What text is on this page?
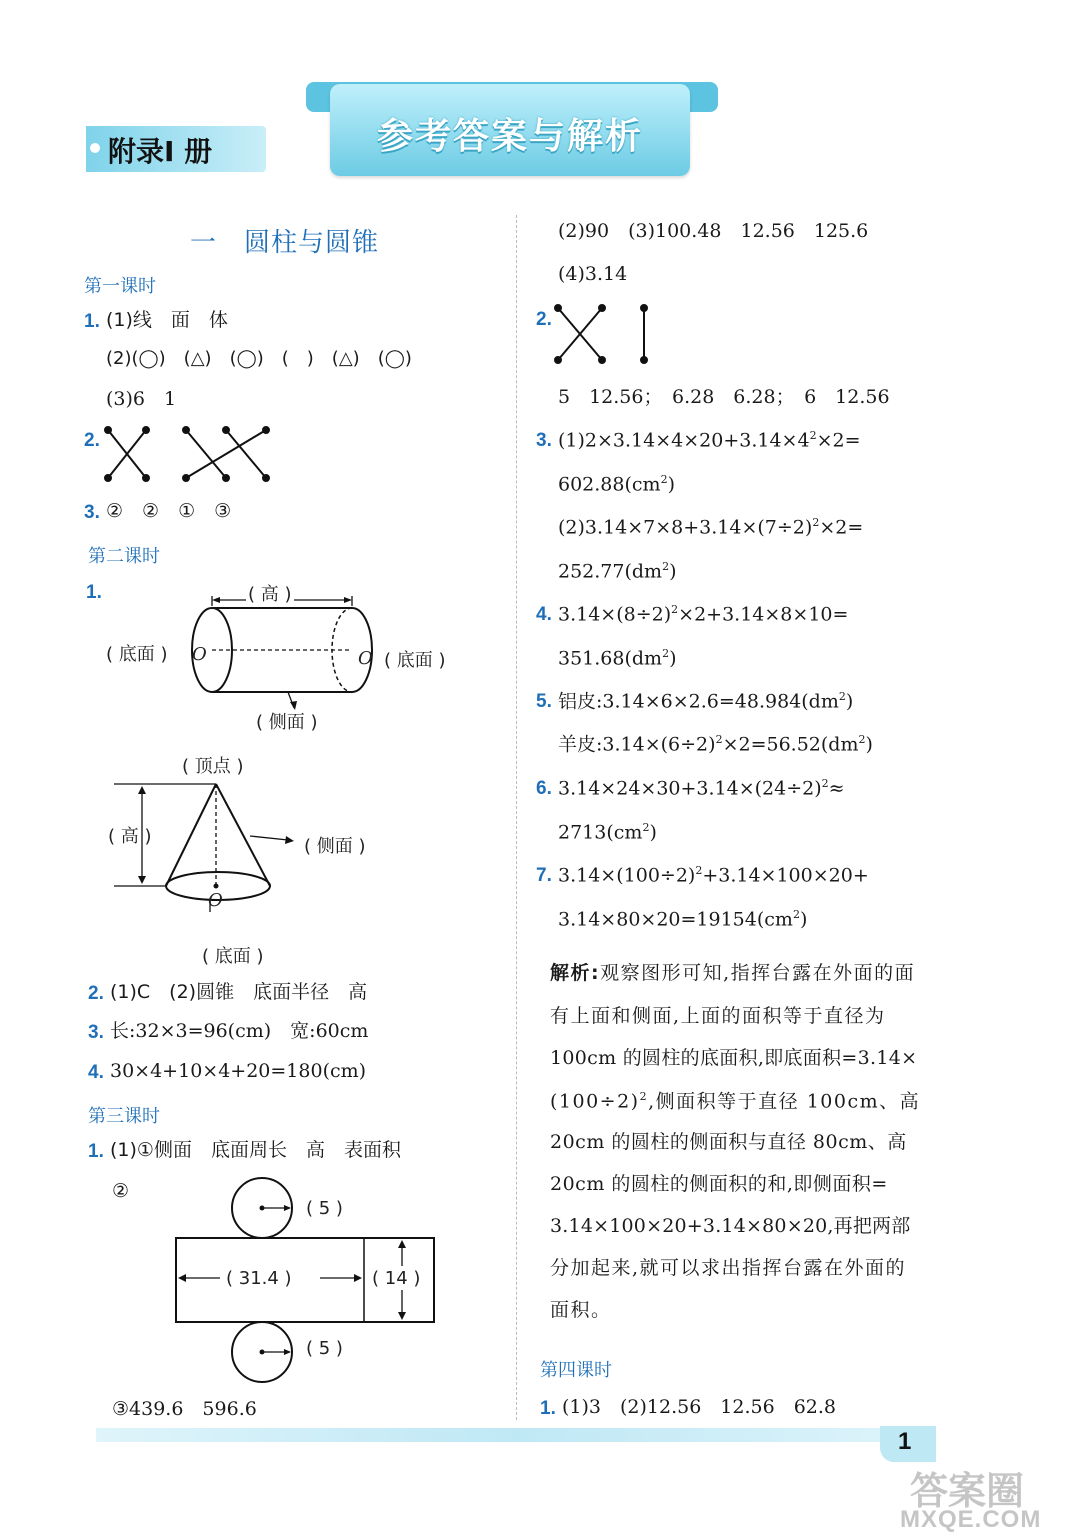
附录Ⅰ 册	参考答案与解析
一　圆柱与圆锥
第一课时
1. (1)线　面　体
(2)(◯)　(△)　(◯)　(　)　(△)　(◯)
(3)6　1
2.
3. ②　②　①　③
第二课时
1.	( 高 )
( 底面 ) O	O ( 底面 )
( 侧面 )
( 顶点 )
( 高 )	( 侧面 )
O
( 底面 )
2. (1)C　(2)圆锥　底面半径　高
3. 长:32×3=96(cm)　宽:60cm
4. 30×4+10×4+20=180(cm)
第三课时
1. (1)①侧面　底面周长　高　表面积
②
( 5 )
( 31.4 )	( 14 )
( 5 )
③439.6　596.6
(2)90　(3)100.48　12.56　125.6
(4)3.14
2.
5　12.56；　6.28　6.28；　6　12.56
3. $(1)2\times 3.14\times 4\times 20+3.14\times 4^2\times 2=$
$602.88(cm^2)$
$(2)3.14\times 7\times 8+3.14\times(7\div 2)^2\times 2=$
$252.77(dm^2)$
4. $3.14\times(8\div 2)^2\times 2+3.14\times 8\times 10=$
$351.68(dm^2)$
5. 铝皮$:3.14\times 6\times 2.6=48.984(dm^2)$
羊皮$:3.14\times(6\div 2)^2\times 2=56.52(dm^2)$
6. $3.14\times 24\times 30+3.14\times(24\div 2)^2\approx$
$2713(cm^2)$
7. $3.14\times(100\div 2)^2+3.14\times 100\times 20+$
$3.14\times 80\times 20=19154(cm^2)$
解析:观察图形可知,指挥台露在外面的面
有上面和侧面,上面的面积等于直径为
100cm 的圆柱的底面积,即底面积=3.14×
$(100\div 2)^2$,侧面积等于直径 100cm、高
20cm 的圆柱的侧面积与直径 80cm、高
20cm 的圆柱的侧面积的和,即侧面积=
3.14×100×20+3.14×80×20,再把两部
分加起来,就可以求出指挥台露在外面的
面积。
第四课时
1. (1)3　(2)12.56　12.56　62.8
1
答案圈
MXQE.COM
